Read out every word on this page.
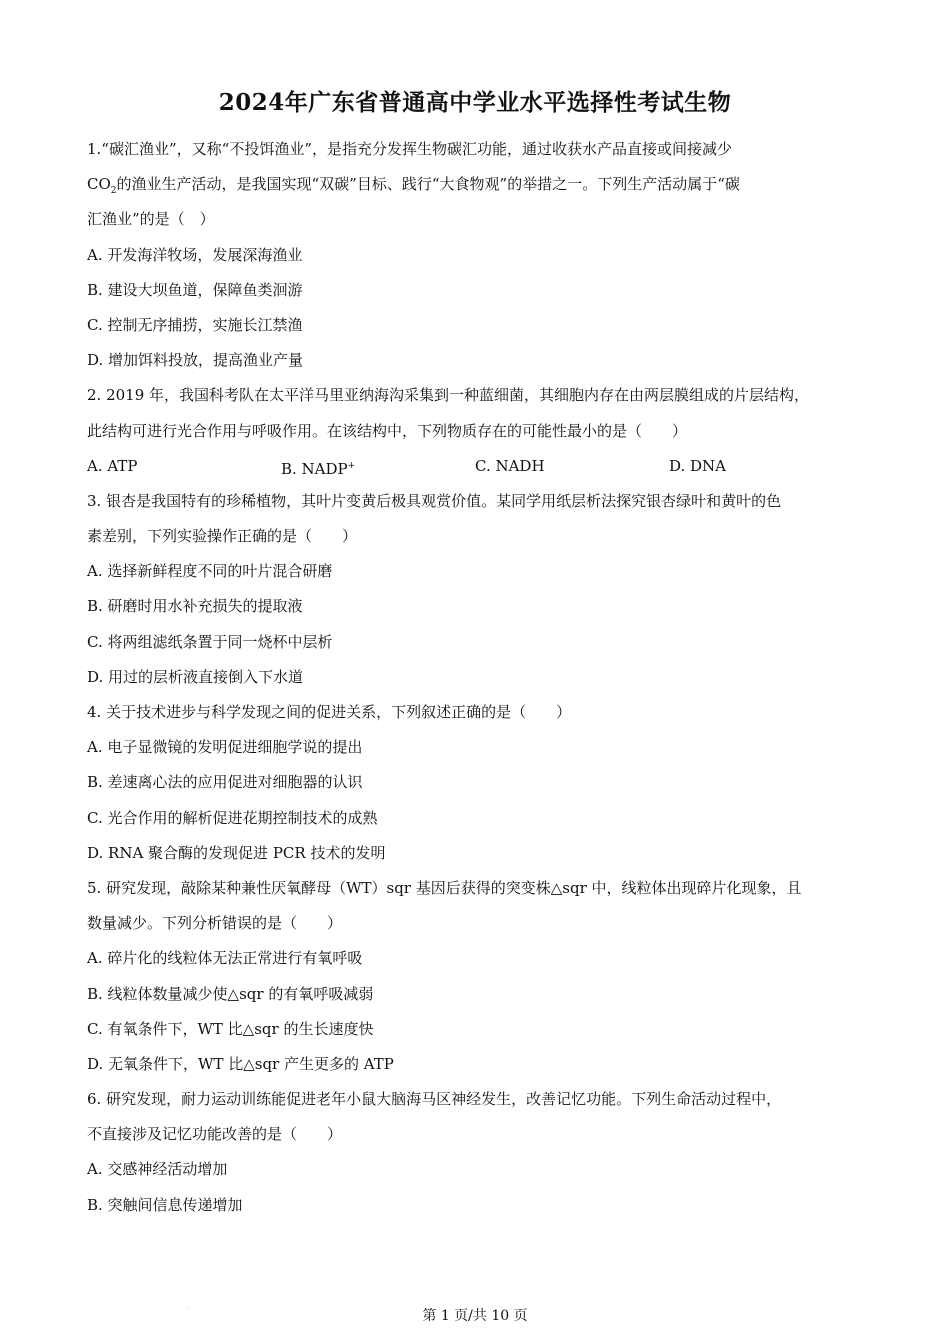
2024年广东省普通高中学业水平选择性考试生物
1.“碳汇渔业”，又称“不投饵渔业”，是指充分发挥生物碳汇功能，通过收获水产品直接或间接减少
$CO_2$的渔业生产活动，是我国实现“双碳”目标、践行“大食物观”的举措之一。下列生产活动属于“碳
汇渔业”的是（　）
A. 开发海洋牧场，发展深海渔业
B. 建设大坝鱼道，保障鱼类洄游
C. 控制无序捕捞，实施长江禁渔
D. 增加饵料投放，提高渔业产量
2. 2019 年，我国科考队在太平洋马里亚纳海沟采集到一种蓝细菌，其细胞内存在由两层膜组成的片层结构，
此结构可进行光合作用与呼吸作用。在该结构中，下列物质存在的可能性最小的是（　　）
A. ATP	B. NADP+	C. NADH	D. DNA
3. 银杏是我国特有的珍稀植物，其叶片变黄后极具观赏价值。某同学用纸层析法探究银杏绿叶和黄叶的色
素差别，下列实验操作正确的是（　　）
A. 选择新鲜程度不同的叶片混合研磨
B. 研磨时用水补充损失的提取液
C. 将两组滤纸条置于同一烧杯中层析
D. 用过的层析液直接倒入下水道
4. 关于技术进步与科学发现之间的促进关系，下列叙述正确的是（　　）
A. 电子显微镜的发明促进细胞学说的提出
B. 差速离心法的应用促进对细胞器的认识
C. 光合作用的解析促进花期控制技术的成熟
D. RNA 聚合酶的发现促进 PCR 技术的发明
5. 研究发现，敲除某种兼性厌氧酵母（WT）sqr 基因后获得的突变株△sqr 中，线粒体出现碎片化现象，且
数量减少。下列分析错误的是（　　）
A. 碎片化的线粒体无法正常进行有氧呼吸
B. 线粒体数量减少使△sqr 的有氧呼吸减弱
C. 有氧条件下，WT 比△sqr 的生长速度快
D. 无氧条件下，WT 比△sqr 产生更多的 ATP
6. 研究发现，耐力运动训练能促进老年小鼠大脑海马区神经发生，改善记忆功能。下列生命活动过程中，
不直接涉及记忆功能改善的是（　　）
A. 交感神经活动增加
B. 突触间信息传递增加
·	第 1 页/共 10 页
